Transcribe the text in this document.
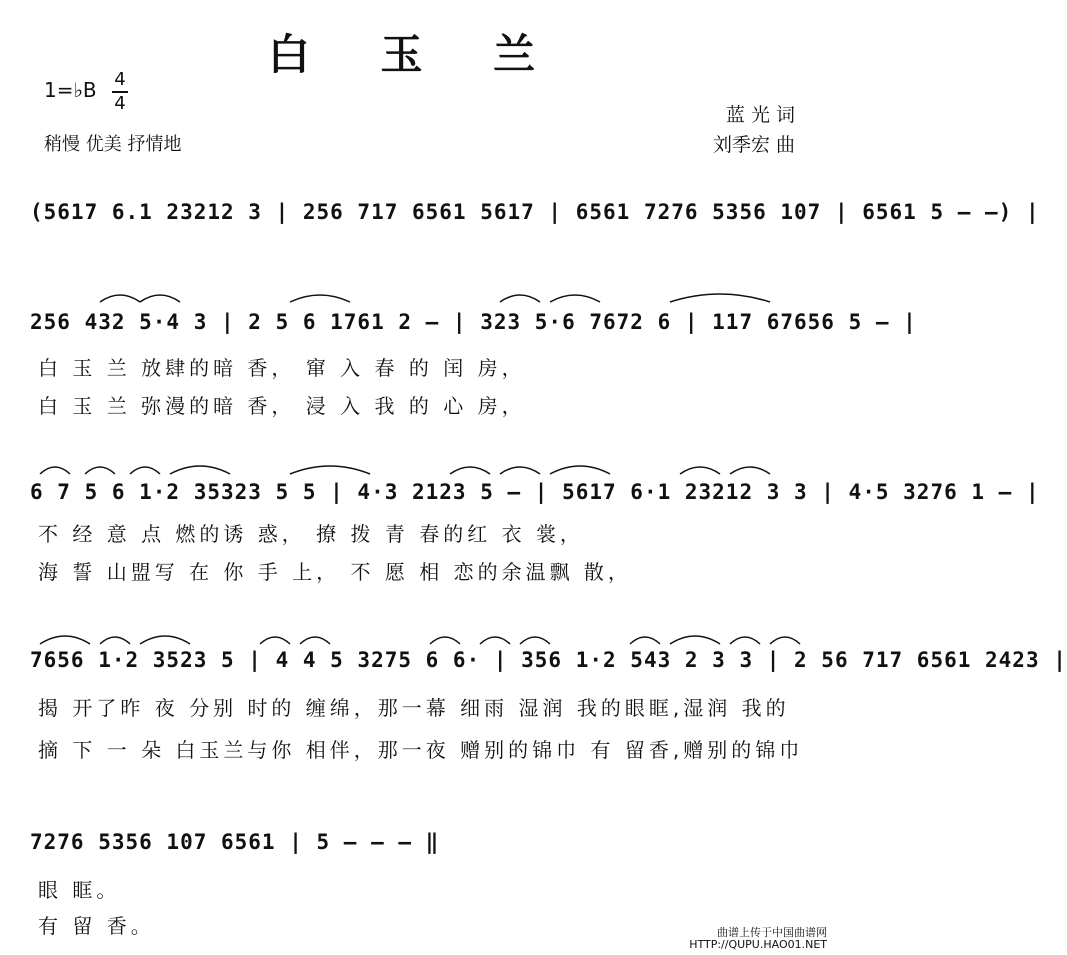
白 玉 兰
1=♭B 4
4
稍慢 优美 抒情地
蓝 光 词
刘季宏 曲
(5617 6.1 23212 3 | 256 717 6561 5617 | 6561 7276 5356 107 | 6561 5 — —) |
256 432 5·4 3 | 2 5 6 1761 2 — | 323 5·6 7672 6 | 117 67656 5 — |
白 玉 兰 放肆的暗 香， 窜 入 春 的 闰 房，
白 玉 兰 弥漫的暗 香， 浸 入 我 的 心 房，
6 7 5 6 1·2 35323 5 5 | 4·3 2123 5 — | 5617 6·1 23212 3 3 | 4·5 3276 1 — |
不 经 意 点 燃的诱 惑， 撩 拨 青 春的红 衣 裳，
海 誓 山盟写 在 你 手 上， 不 愿 相 恋的余温飘 散，
7656 1·2 3523 5 | 4 4 5 3275 6 6· | 356 1·2 543 2 3 3 | 2 56 717 6561 2423 |
揭 开了昨 夜 分别 时的 缠绵，那一幕 细雨 湿润 我的眼眶,湿润 我的
摘 下 一 朵 白玉兰与你 相伴，那一夜 赠别的锦巾 有 留香,赠别的锦巾
7276 5356 107 6561 | 5 — — — ‖
眼 眶。
有 留 香。	曲谱上传于中国曲谱网
HTTP://QUPU.HAO01.NET
